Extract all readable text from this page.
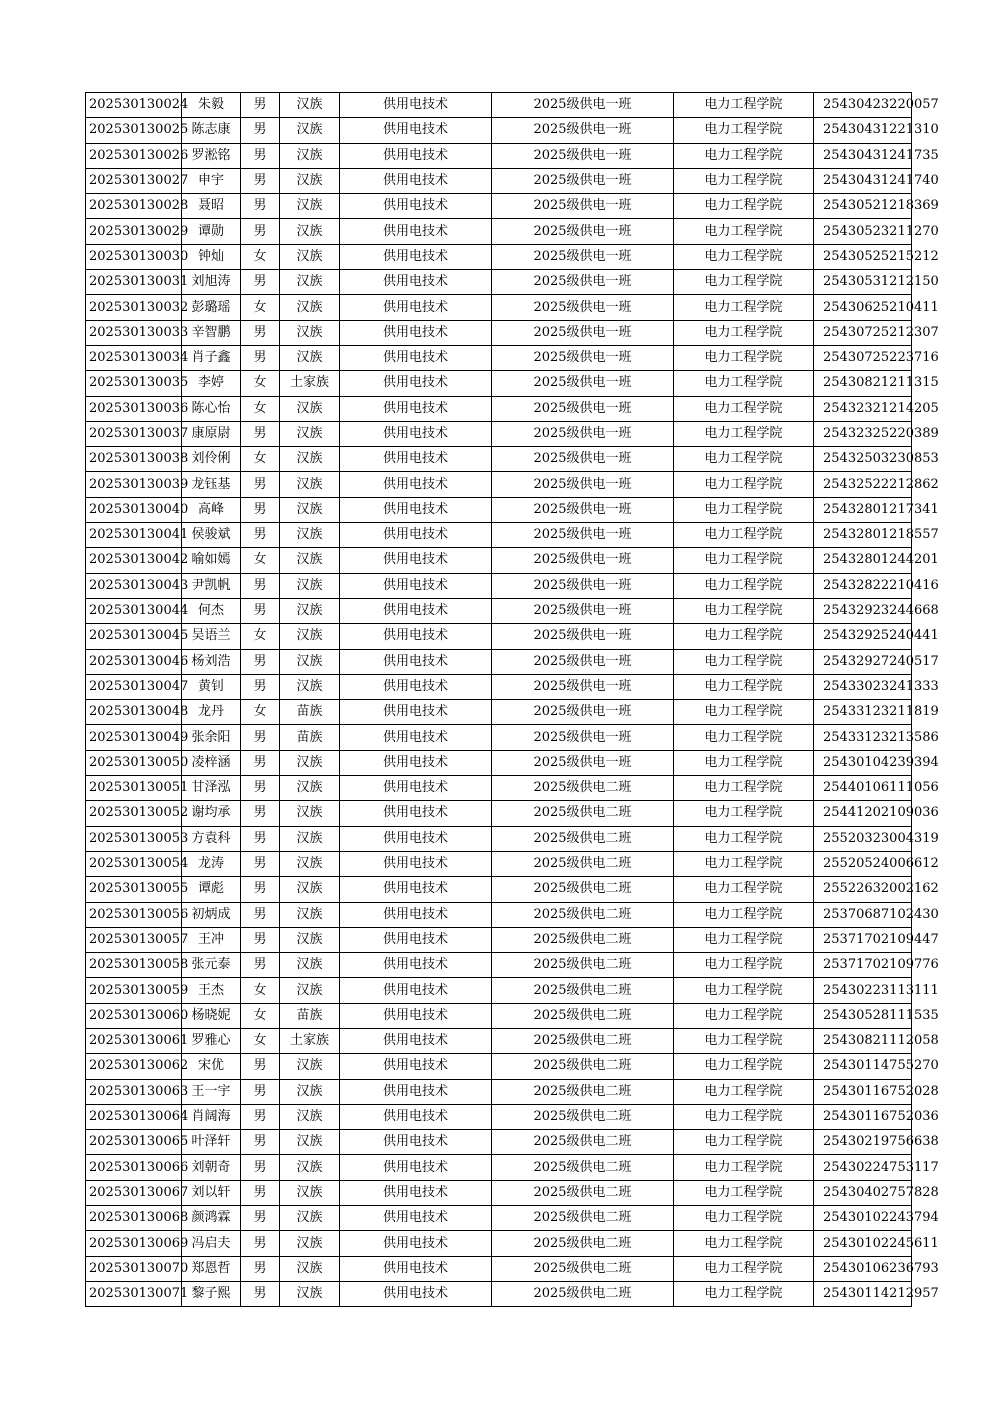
202530130024	朱毅	男	汉族	供用电技术	2025级供电一班	电力工程学院	25430423220057
202530130025	陈志康	男	汉族	供用电技术	2025级供电一班	电力工程学院	25430431221310
202530130026	罗淞铭	男	汉族	供用电技术	2025级供电一班	电力工程学院	25430431241735
202530130027	申宇	男	汉族	供用电技术	2025级供电一班	电力工程学院	25430431241740
202530130028	聂昭	男	汉族	供用电技术	2025级供电一班	电力工程学院	25430521218369
202530130029	谭勋	男	汉族	供用电技术	2025级供电一班	电力工程学院	25430523211270
202530130030	钟灿	女	汉族	供用电技术	2025级供电一班	电力工程学院	25430525215212
202530130031	刘旭涛	男	汉族	供用电技术	2025级供电一班	电力工程学院	25430531212150
202530130032	彭璐瑶	女	汉族	供用电技术	2025级供电一班	电力工程学院	25430625210411
202530130033	辛智鹏	男	汉族	供用电技术	2025级供电一班	电力工程学院	25430725212307
202530130034	肖子鑫	男	汉族	供用电技术	2025级供电一班	电力工程学院	25430725223716
202530130035	李婷	女	土家族	供用电技术	2025级供电一班	电力工程学院	25430821211315
202530130036	陈心怡	女	汉族	供用电技术	2025级供电一班	电力工程学院	25432321214205
202530130037	康原尉	男	汉族	供用电技术	2025级供电一班	电力工程学院	25432325220389
202530130038	刘伶俐	女	汉族	供用电技术	2025级供电一班	电力工程学院	25432503230853
202530130039	龙钰基	男	汉族	供用电技术	2025级供电一班	电力工程学院	25432522212862
202530130040	高峰	男	汉族	供用电技术	2025级供电一班	电力工程学院	25432801217341
202530130041	侯骏斌	男	汉族	供用电技术	2025级供电一班	电力工程学院	25432801218557
202530130042	喻如嫣	女	汉族	供用电技术	2025级供电一班	电力工程学院	25432801244201
202530130043	尹凯帆	男	汉族	供用电技术	2025级供电一班	电力工程学院	25432822210416
202530130044	何杰	男	汉族	供用电技术	2025级供电一班	电力工程学院	25432923244668
202530130045	吴语兰	女	汉族	供用电技术	2025级供电一班	电力工程学院	25432925240441
202530130046	杨刘浩	男	汉族	供用电技术	2025级供电一班	电力工程学院	25432927240517
202530130047	黄钊	男	汉族	供用电技术	2025级供电一班	电力工程学院	25433023241333
202530130048	龙丹	女	苗族	供用电技术	2025级供电一班	电力工程学院	25433123211819
202530130049	张余阳	男	苗族	供用电技术	2025级供电一班	电力工程学院	25433123213586
202530130050	凌梓涵	男	汉族	供用电技术	2025级供电一班	电力工程学院	25430104239394
202530130051	甘泽泓	男	汉族	供用电技术	2025级供电二班	电力工程学院	25440106111056
202530130052	谢均承	男	汉族	供用电技术	2025级供电二班	电力工程学院	25441202109036
202530130053	方袁科	男	汉族	供用电技术	2025级供电二班	电力工程学院	25520323004319
202530130054	龙涛	男	汉族	供用电技术	2025级供电二班	电力工程学院	25520524006612
202530130055	谭彪	男	汉族	供用电技术	2025级供电二班	电力工程学院	25522632002162
202530130056	初炳成	男	汉族	供用电技术	2025级供电二班	电力工程学院	25370687102430
202530130057	王冲	男	汉族	供用电技术	2025级供电二班	电力工程学院	25371702109447
202530130058	张元泰	男	汉族	供用电技术	2025级供电二班	电力工程学院	25371702109776
202530130059	王杰	女	汉族	供用电技术	2025级供电二班	电力工程学院	25430223113111
202530130060	杨晓妮	女	苗族	供用电技术	2025级供电二班	电力工程学院	25430528111535
202530130061	罗雅心	女	土家族	供用电技术	2025级供电二班	电力工程学院	25430821112058
202530130062	宋优	男	汉族	供用电技术	2025级供电二班	电力工程学院	25430114755270
202530130063	王一宇	男	汉族	供用电技术	2025级供电二班	电力工程学院	25430116752028
202530130064	肖阔海	男	汉族	供用电技术	2025级供电二班	电力工程学院	25430116752036
202530130065	叶泽轩	男	汉族	供用电技术	2025级供电二班	电力工程学院	25430219756638
202530130066	刘朝奇	男	汉族	供用电技术	2025级供电二班	电力工程学院	25430224753117
202530130067	刘以轩	男	汉族	供用电技术	2025级供电二班	电力工程学院	25430402757828
202530130068	颜鸿霖	男	汉族	供用电技术	2025级供电二班	电力工程学院	25430102243794
202530130069	冯启夫	男	汉族	供用电技术	2025级供电二班	电力工程学院	25430102245611
202530130070	郑恩哲	男	汉族	供用电技术	2025级供电二班	电力工程学院	25430106236793
202530130071	黎子熙	男	汉族	供用电技术	2025级供电二班	电力工程学院	25430114212957
